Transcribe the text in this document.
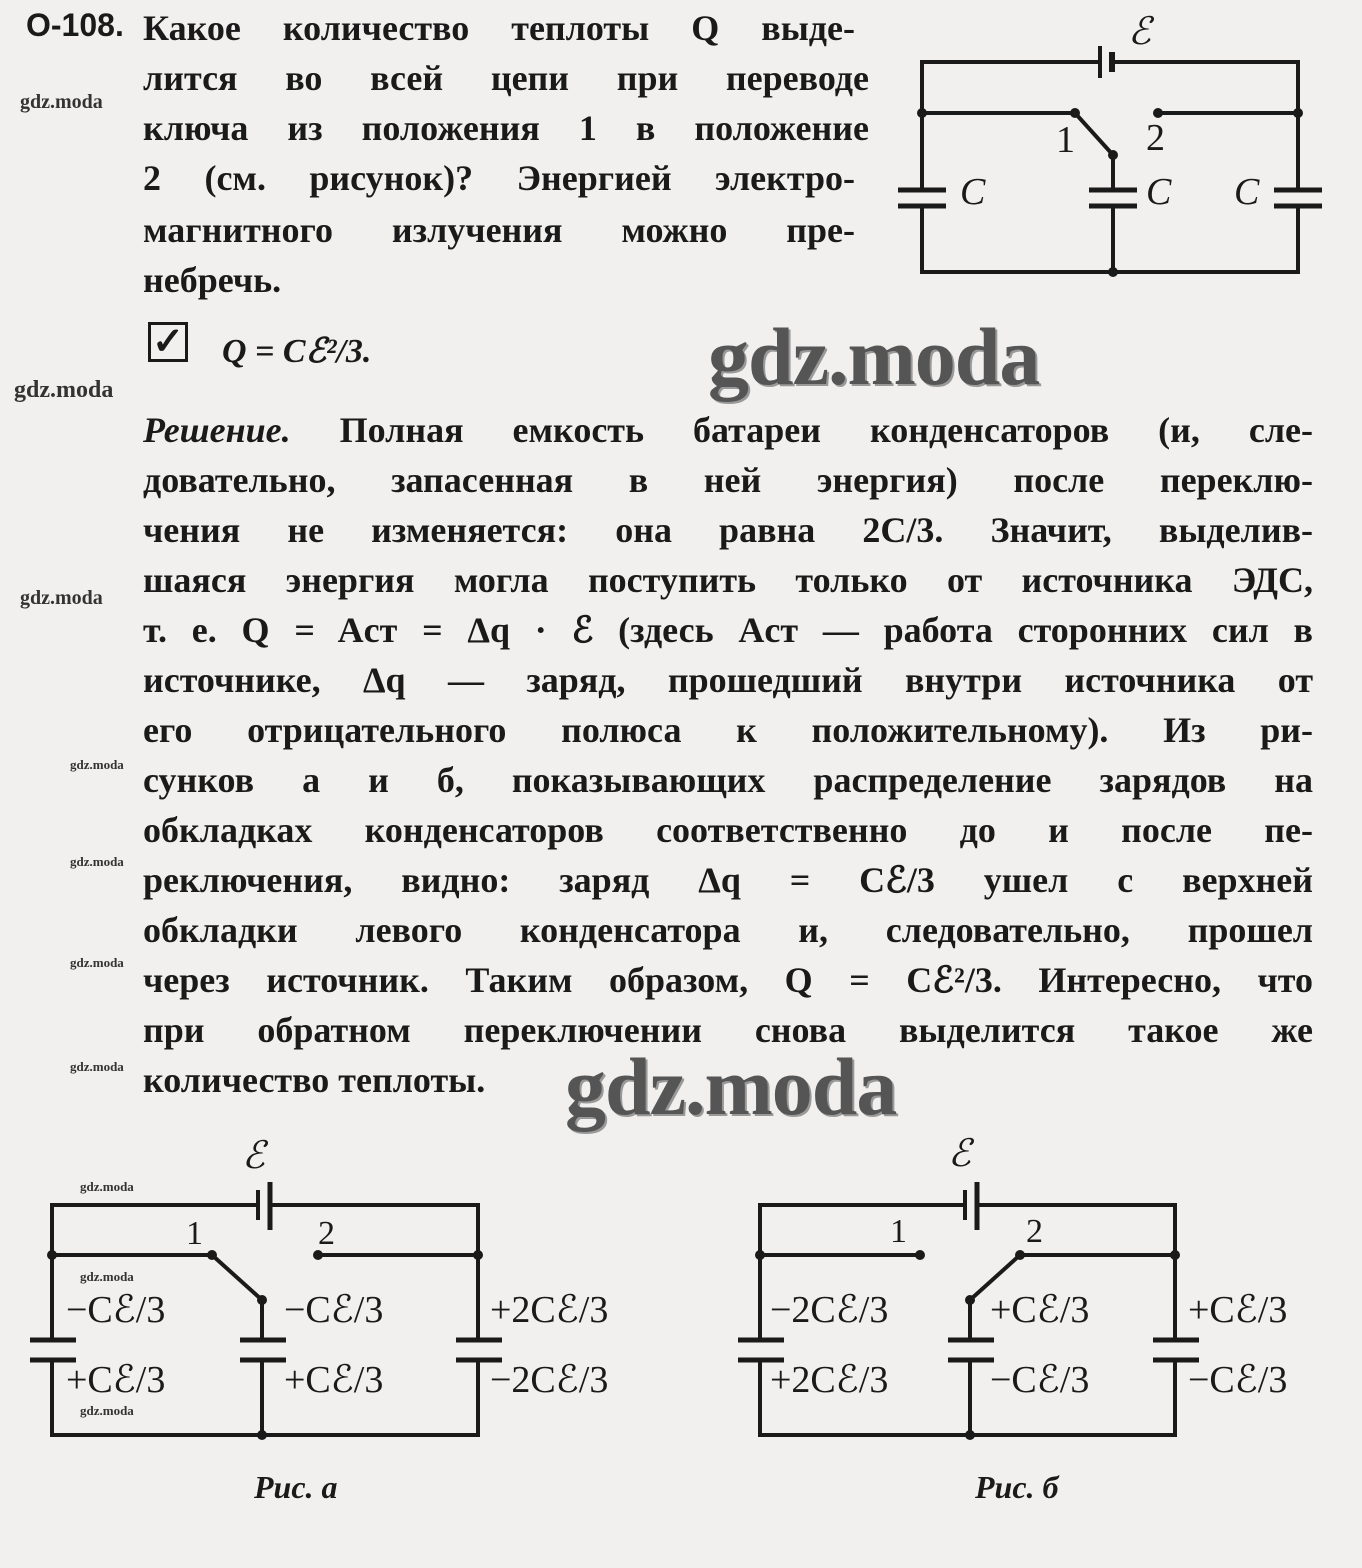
О-108. Какое количество теплоты Q выде-
лится во всей цепи при переводе
ключа из положения 1 в положение
2 (см. рисунок)? Энергией электро-
магнитного излучения можно пре-
небречь.
ℰ
1 2
C	C C
✓ Q = Cℰ²/3.
Решение. Полная емкость батареи конденсаторов (и, сле-
довательно, запасенная в ней энергия) после переклю-
чения не изменяется: она равна 2C/3. Значит, выделив-
шаяся энергия могла поступить только от источника ЭДС,
т. е. Q = Aст = Δq · ℰ (здесь Aст — работа сторонних сил в
источнике, Δq — заряд, прошедший внутри источника от
его отрицательного полюса к положительному). Из ри-
сунков а и б, показывающих распределение зарядов на
обкладках конденсаторов соответственно до и после пе-
реключения, видно: заряд Δq = Cℰ/3 ушел с верхней
обкладки левого конденсатора и, следовательно, прошел
через источник. Таким образом, Q = Cℰ²/3. Интересно, что
при обратном переключении снова выделится такое же
количество теплоты.
ℰ
1	2
−Cℰ/3
+Cℰ/3
−Cℰ/3
+Cℰ/3
+2Cℰ/3
−2Cℰ/3
Рис. а
ℰ
1	2
−2Cℰ/3
+2Cℰ/3
+Cℰ/3
−Cℰ/3
+Cℰ/3
−Cℰ/3
Рис. б
gdz.moda
gdz.moda
gdz.moda
gdz.moda
gdz.moda
gdz.moda
gdz.moda
gdz.moda
gdz.moda
gdz.moda
gdz.moda
gdz.moda
